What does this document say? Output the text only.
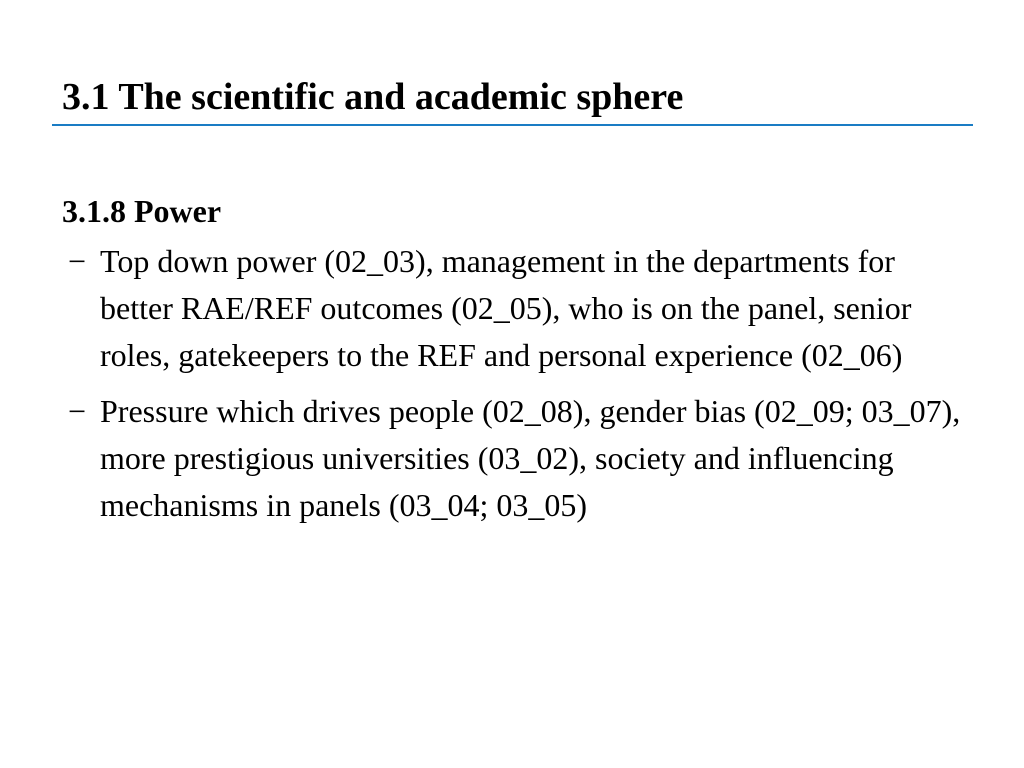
3.1 The scientific and academic sphere
3.1.8 Power
− Top down power (02_03), management in the departments for better RAE/REF outcomes (02_05), who is on the panel, senior roles, gatekeepers to the REF and personal experience (02_06)
− Pressure which drives people (02_08), gender bias (02_09; 03_07), more prestigious universities (03_02), society and influencing mechanisms in panels (03_04; 03_05)
